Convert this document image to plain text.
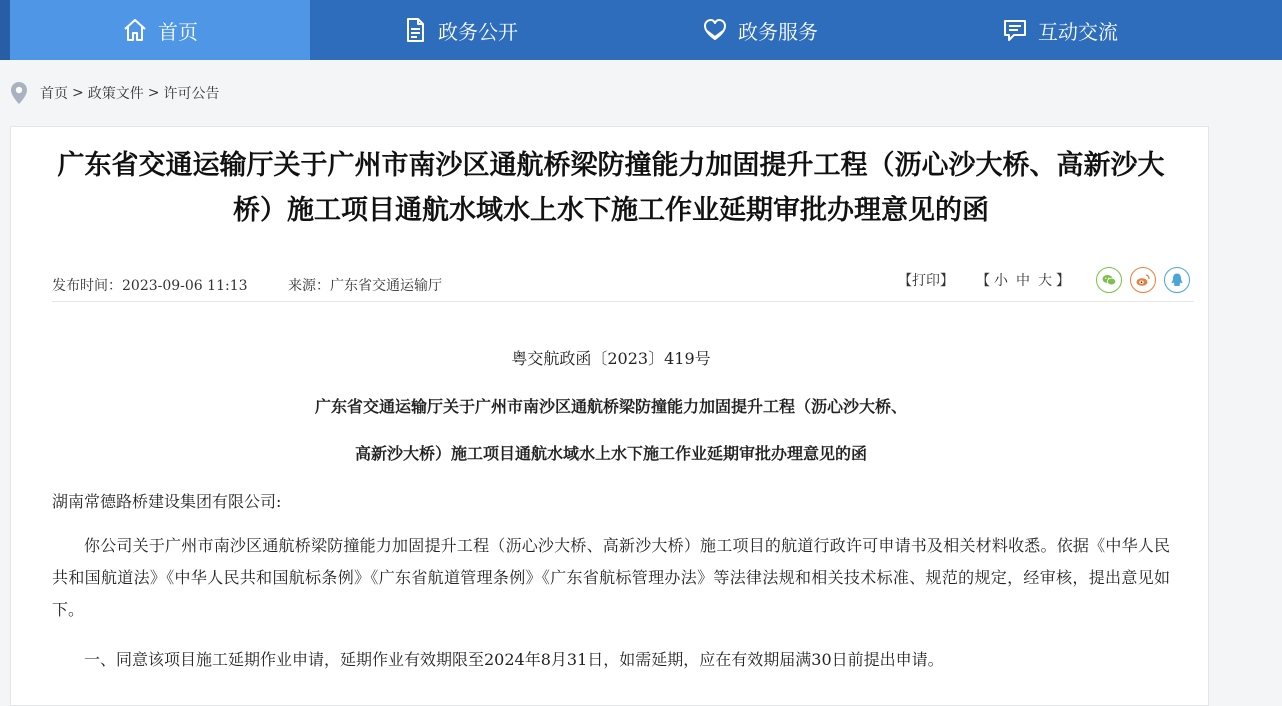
首页	政务公开	政务服务	互动交流
首页 > 政策文件 > 许可公告
广东省交通运输厅关于广州市南沙区通航桥梁防撞能力加固提升工程（沥心沙大桥、高新沙大桥）施工项目通航水域水上水下施工作业延期审批办理意见的函
发布时间：2023-09-06 11:13	来源：广东省交通运输厅	【打印】 【 小 中 大 】
粤交航政函〔2023〕419号
广东省交通运输厅关于广州市南沙区通航桥梁防撞能力加固提升工程（沥心沙大桥、
高新沙大桥）施工项目通航水域水上水下施工作业延期审批办理意见的函
湖南常德路桥建设集团有限公司:
你公司关于广州市南沙区通航桥梁防撞能力加固提升工程（沥心沙大桥、高新沙大桥）施工项目的航道行政许可申请书及相关材料收悉。依据《中华人民共和国航道法》《中华人民共和国航标条例》《广东省航道管理条例》《广东省航标管理办法》等法律法规和相关技术标准、规范的规定，经审核，提出意见如下。
一、同意该项目施工延期作业申请，延期作业有效期限至2024年8月31日，如需延期，应在有效期届满30日前提出申请。
